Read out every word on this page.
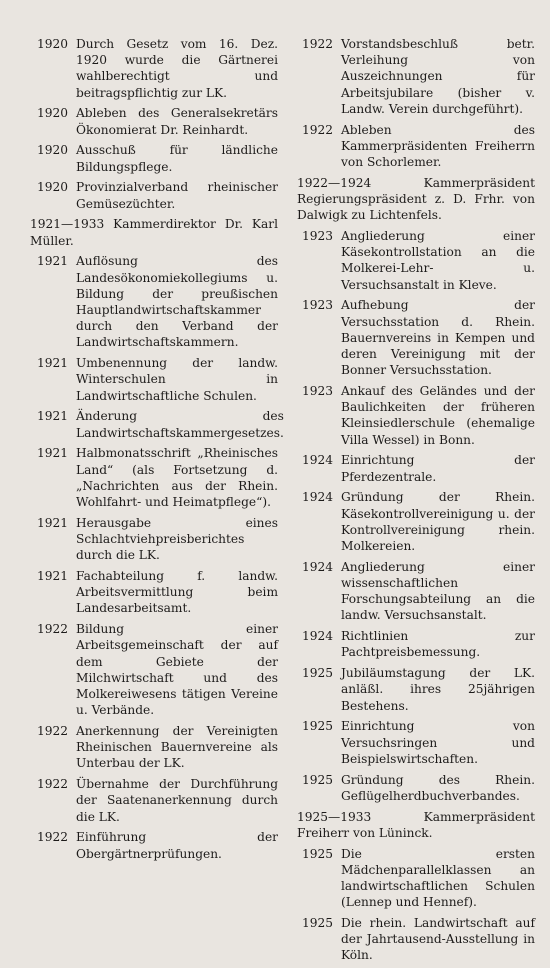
1920 Durch Gesetz vom 16. Dez. 1920 wurde die Gärtnerei wahlberechtigt und beitragspflichtig zur LK.
1920 Ableben des Generalsekretärs Ökonomierat Dr. Reinhardt.
1920 Ausschuß für ländliche Bildungspflege.
1920 Provinzialverband rheinischer Gemüsezüchter.
1921—1933 Kammerdirektor Dr. Karl Müller.
1921 Auflösung des Landesökonomiekollegiums u. Bildung der preußischen Hauptlandwirtschaftskammer durch den Verband der Landwirtschaftskammern.
1921 Umbenennung der landw. Winterschulen in Landwirtschaftliche Schulen.
1921 Änderung des Landwirtschaftskammergesetzes.
1921 Halbmonatsschrift „Rheinisches Land“ (als Fortsetzung d. „Nachrichten aus der Rhein. Wohlfahrt- und Heimatpflege“).
1921 Herausgabe eines Schlachtviehpreisberichtes durch die LK.
1921 Fachabteilung f. landw. Arbeitsvermittlung beim Landesarbeitsamt.
1922 Bildung einer Arbeitsgemeinschaft der auf dem Gebiete der Milchwirtschaft und des Molkereiwesens tätigen Vereine u. Verbände.
1922 Anerkennung der Vereinigten Rheinischen Bauernvereine als Unterbau der LK.
1922 Übernahme der Durchführung der Saatenanerkennung durch die LK.
1922 Einführung der Obergärtnerprüfungen.
1922 Vorstandsbeschluß betr. Verleihung von Auszeichnungen für Arbeitsjubilare (bisher v. Landw. Verein durchgeführt).
1922 Ableben des Kammerpräsidenten Freiherrn von Schorlemer.
1922—1924 Kammerpräsident Regierungspräsident z. D. Frhr. von Dalwigk zu Lichtenfels.
1923 Angliederung einer Käsekontrollstation an die Molkerei-Lehr- u. Versuchsanstalt in Kleve.
1923 Aufhebung der Versuchsstation d. Rhein. Bauernvereins in Kempen und deren Vereinigung mit der Bonner Versuchsstation.
1923 Ankauf des Geländes und der Baulichkeiten der früheren Kleinsiedlerschule (ehemalige Villa Wessel) in Bonn.
1924 Einrichtung der Pferdezentrale.
1924 Gründung der Rhein. Käsekontrollvereinigung u. der Kontrollvereinigung rhein. Molkereien.
1924 Angliederung einer wissenschaftlichen Forschungsabteilung an die landw. Versuchsanstalt.
1924 Richtlinien zur Pachtpreisbemessung.
1925 Jubiläumstagung der LK. anläßl. ihres 25jährigen Bestehens.
1925 Einrichtung von Versuchsringen und Beispielswirtschaften.
1925 Gründung des Rhein. Geflügelherdbuchverbandes.
1925—1933 Kammerpräsident Freiherr von Lüninck.
1925 Die ersten Mädchenparallelklassen an landwirtschaftlichen Schulen (Lennep und Hennef).
1925 Die rhein. Landwirtschaft auf der Jahrtausend-Ausstellung in Köln.
